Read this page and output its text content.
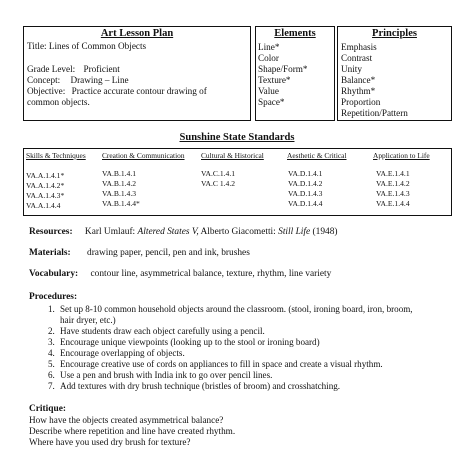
Art Lesson Plan
Title: Lines of Common Objects
Grade Level: Proficient
Concept: Drawing – Line
Objective: Practice accurate contour drawing of
common objects.
Elements
Line*
Color
Shape/Form*
Texture*
Value
Space*
Principles
Emphasis
Contrast
Unity
Balance*
Rhythm*
Proportion
Repetition/Pattern
Sunshine State Standards
Skills & Techniques
VA.A.1.4.1*
VA.A.1.4.2*
VA.A.1.4.3*
VA.A.1.4.4
Creation & Communication
VA.B.1.4.1
VA.B.1.4.2
VA.B.1.4.3
VA.B.1.4.4*
Cultural & Historical
VA.C.1.4.1
VA.C 1.4.2
Aesthetic & Critical
VA.D.1.4.1
VA.D.1.4.2
VA.D.1.4.3
VA.D.1.4.4
Application to Life
VA.E.1.4.1
VA.E.1.4.2
VA.E.1.4.3
VA.E.1.4.4
Resources: Karl Umlauf: Altered States V, Alberto Giacometti: Still Life (1948)
Materials: drawing paper, pencil, pen and ink, brushes
Vocabulary: contour line, asymmetrical balance, texture, rhythm, line variety
Procedures:
1. Set up 8-10 common household objects around the classroom. (stool, ironing board, iron, broom,
hair dryer, etc.)
2. Have students draw each object carefully using a pencil.
3. Encourage unique viewpoints (looking up to the stool or ironing board)
4. Encourage overlapping of objects.
5. Encourage creative use of cords on appliances to fill in space and create a visual rhythm.
6. Use a pen and brush with India ink to go over pencil lines.
7. Add textures with dry brush technique (bristles of broom) and crosshatching.
Critique:
How have the objects created asymmetrical balance?
Describe where repetition and line have created rhythm.
Where have you used dry brush for texture?
